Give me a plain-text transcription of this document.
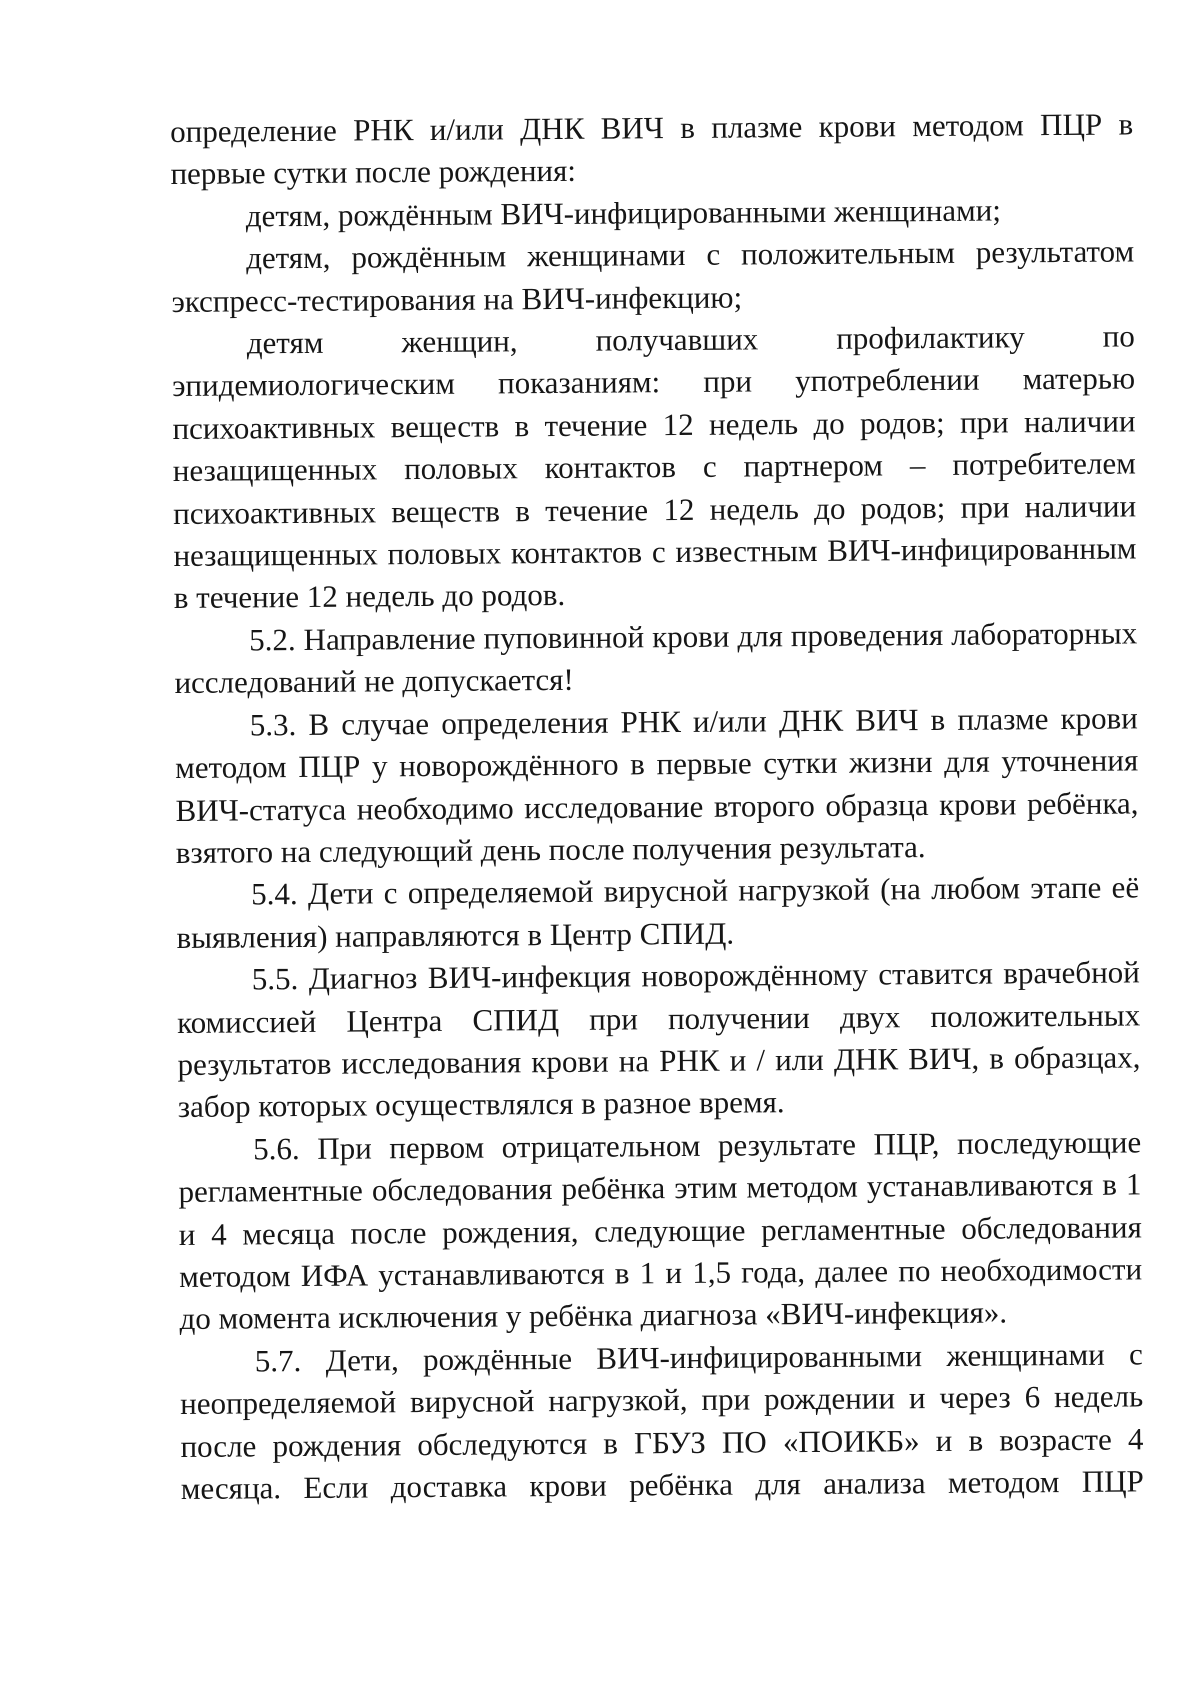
определение РНК и/или ДНК ВИЧ в плазме крови методом ПЦР в первые сутки после рождения:

детям, рождённым ВИЧ-инфицированными женщинами;

детям, рождённым женщинами с положительным результатом экспресс-тестирования на ВИЧ-инфекцию;

детям женщин, получавших профилактику по эпидемиологическим показаниям: при употреблении матерью психоактивных веществ в течение 12 недель до родов; при наличии незащищенных половых контактов с партнером – потребителем психоактивных веществ в течение 12 недель до родов; при наличии незащищенных половых контактов с известным ВИЧ-инфицированным в течение 12 недель до родов.

5.2. Направление пуповинной крови для проведения лабораторных исследований не допускается!

5.3. В случае определения РНК и/или ДНК ВИЧ в плазме крови методом ПЦР у новорождённого в первые сутки жизни для уточнения ВИЧ-статуса необходимо исследование второго образца крови ребёнка, взятого на следующий день после получения результата.

5.4. Дети с определяемой вирусной нагрузкой (на любом этапе её выявления) направляются в Центр СПИД.

5.5. Диагноз ВИЧ-инфекция новорождённому ставится врачебной комиссией Центра СПИД при получении двух положительных результатов исследования крови на РНК и / или ДНК ВИЧ, в образцах, забор которых осуществлялся в разное время.

5.6. При первом отрицательном результате ПЦР, последующие регламентные обследования ребёнка этим методом устанавливаются в 1 и 4 месяца после рождения, следующие регламентные обследования методом ИФА устанавливаются в 1 и 1,5 года, далее по необходимости до момента исключения у ребёнка диагноза «ВИЧ-инфекция».

5.7. Дети, рождённые ВИЧ-инфицированными женщинами с неопределяемой вирусной нагрузкой, при рождении и через 6 недель после рождения обследуются в ГБУЗ ПО «ПОИКБ» и в возрасте 4 месяца. Если доставка крови ребёнка для анализа методом ПЦР
